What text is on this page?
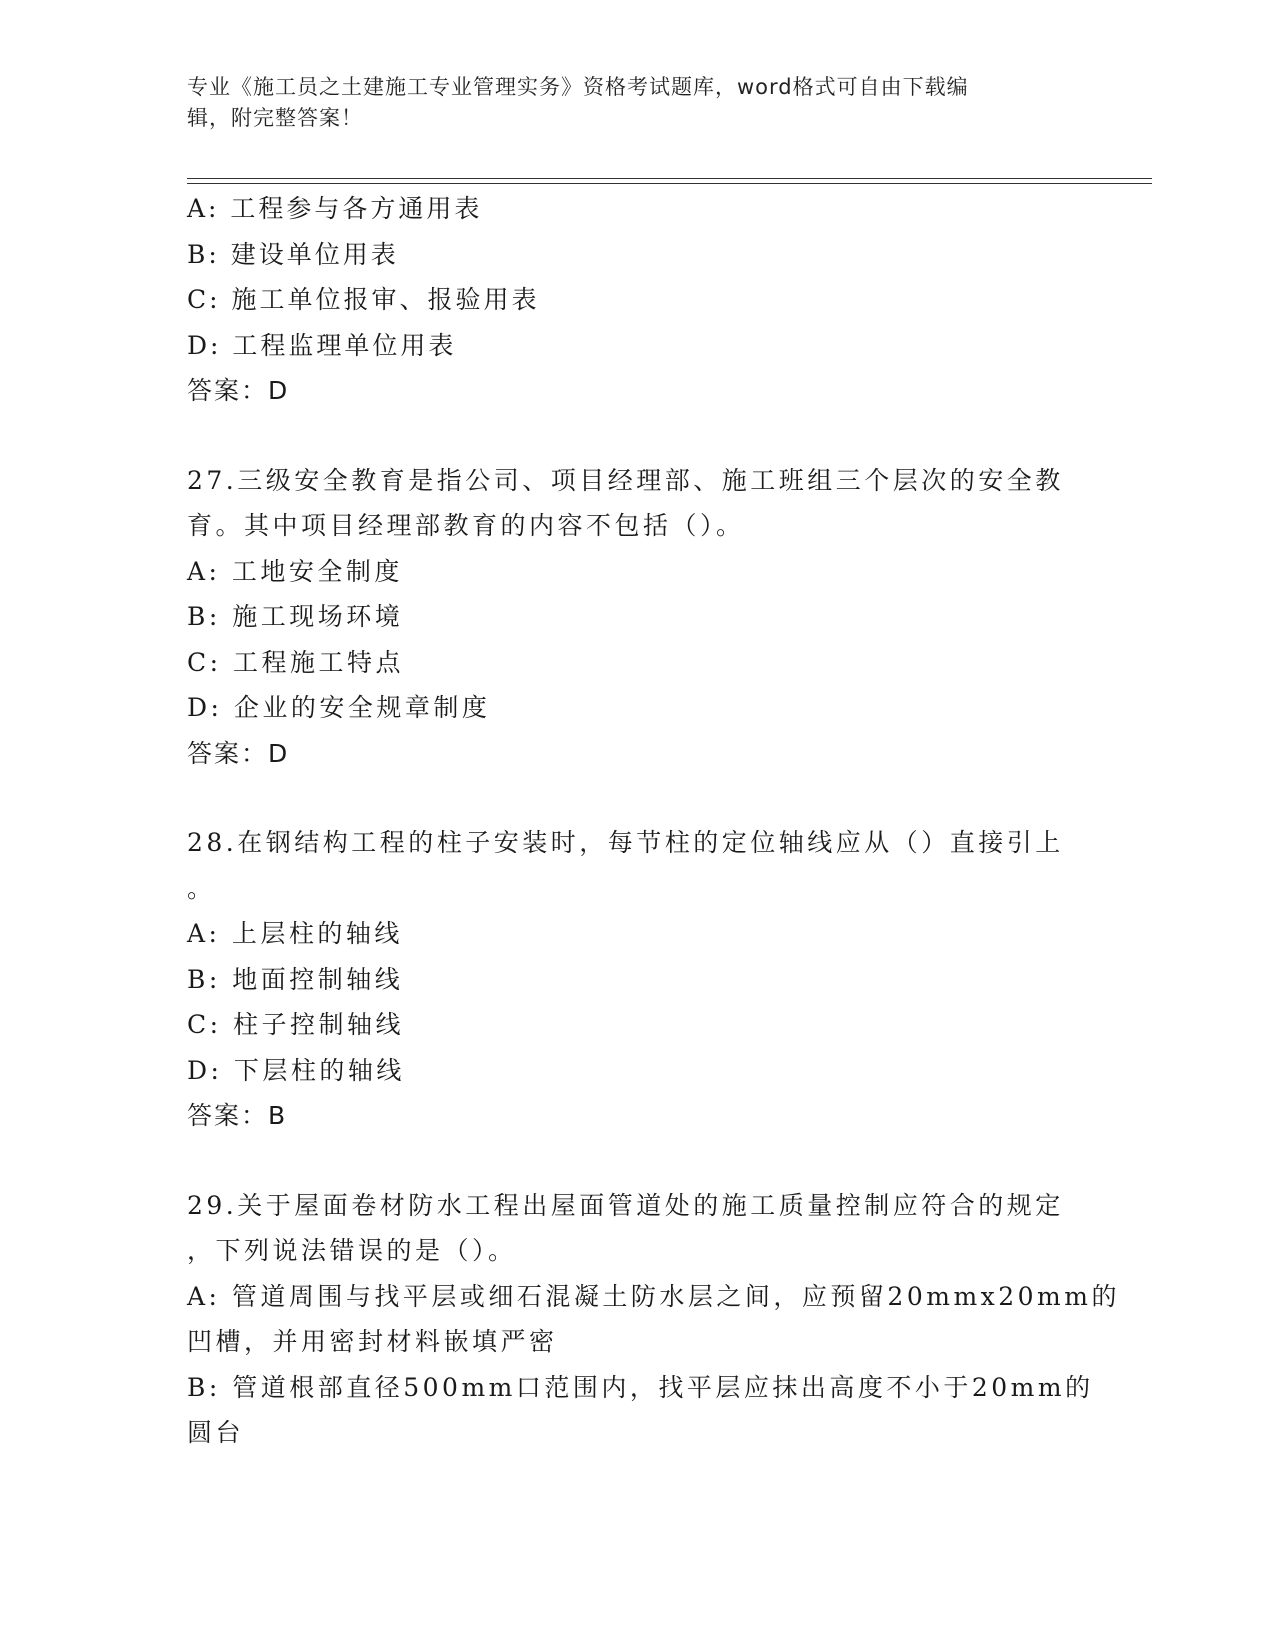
专业《施工员之土建施工专业管理实务》资格考试题库，word格式可自由下载编
辑，附完整答案！
A: 工程参与各方通用表
B: 建设单位用表
C: 施工单位报审、报验用表
D: 工程监理单位用表
答案：D
27.三级安全教育是指公司、项目经理部、施工班组三个层次的安全教
育。其中项目经理部教育的内容不包括（）。
A: 工地安全制度
B: 施工现场环境
C: 工程施工特点
D: 企业的安全规章制度
答案：D
28.在钢结构工程的柱子安装时，每节柱的定位轴线应从（）直接引上
。
A: 上层柱的轴线
B: 地面控制轴线
C: 柱子控制轴线
D: 下层柱的轴线
答案：B
29.关于屋面卷材防水工程出屋面管道处的施工质量控制应符合的规定
，下列说法错误的是（）。
A: 管道周围与找平层或细石混凝土防水层之间，应预留20mmx20mm的
凹槽，并用密封材料嵌填严密
B: 管道根部直径500mm口范围内，找平层应抹出高度不小于20mm的
圆台
